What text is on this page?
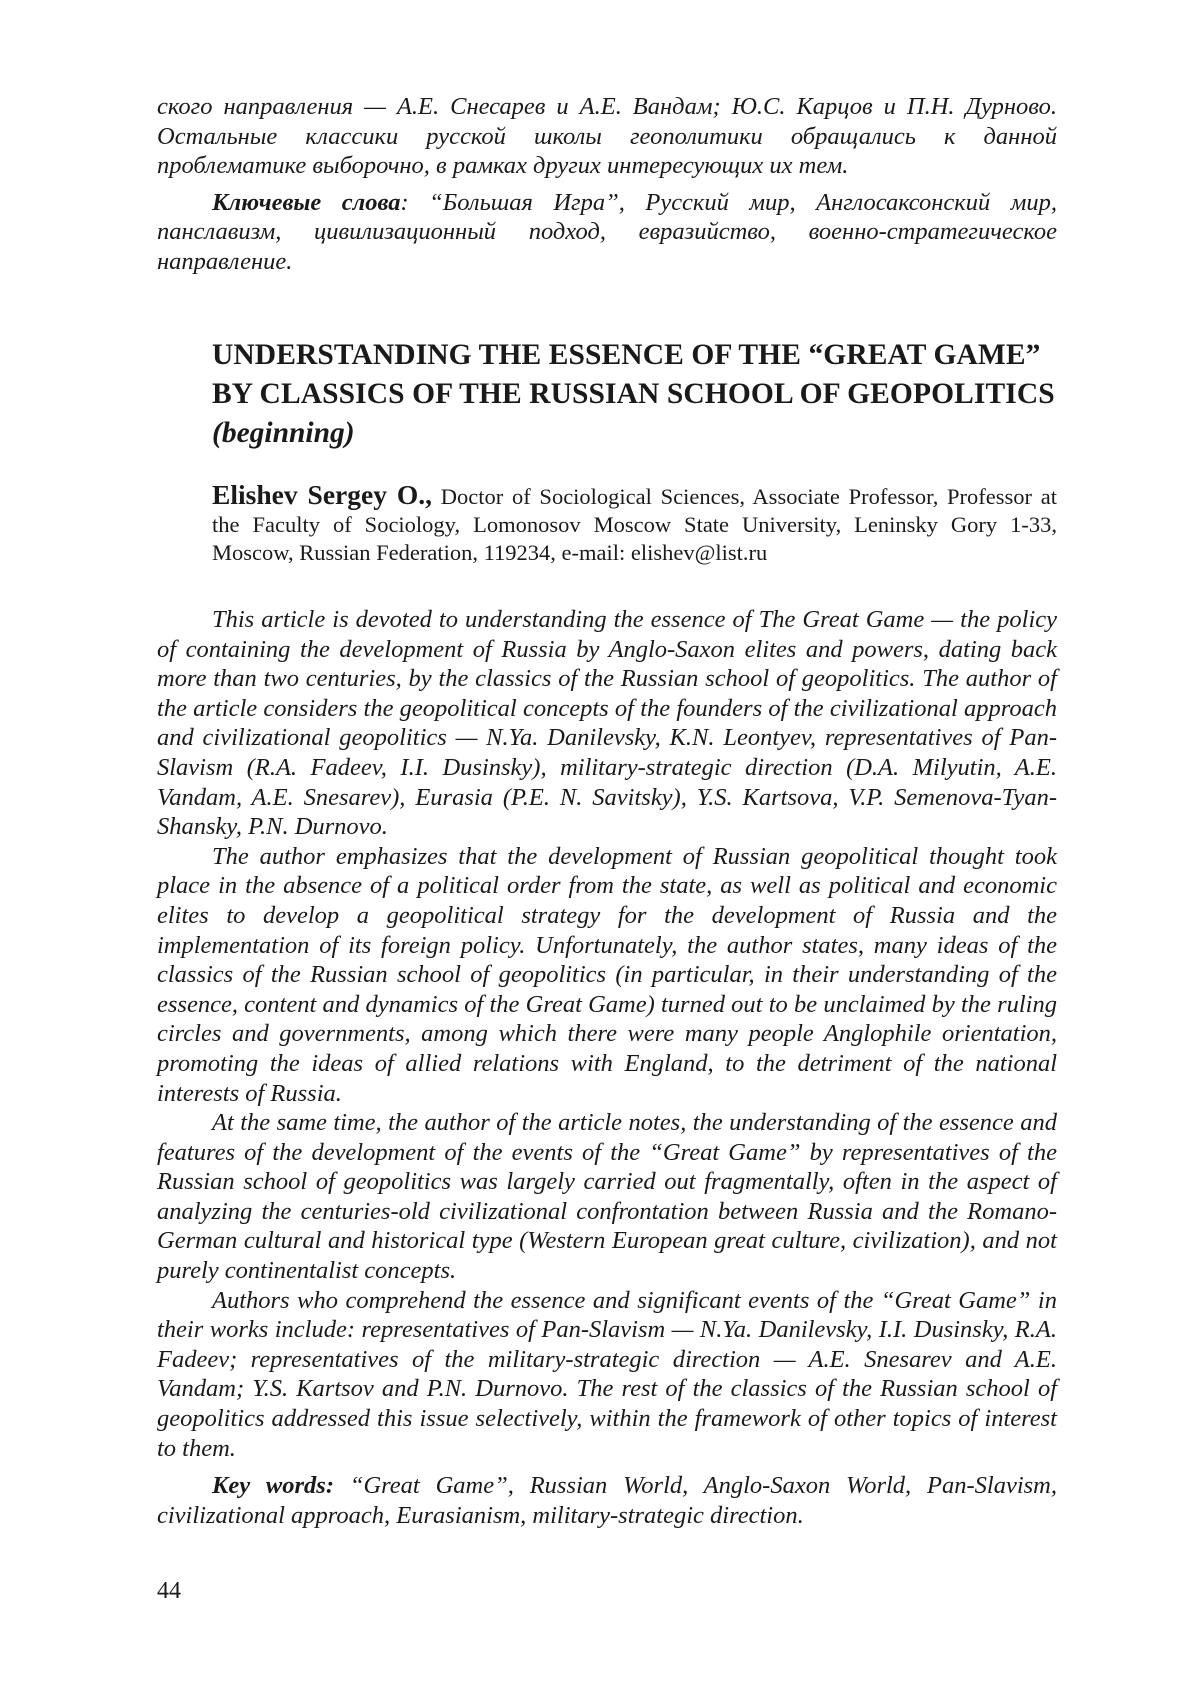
ского направления — А.Е. Снесарев и А.Е. Вандам; Ю.С. Карцов и П.Н. Дурново. Остальные классики русской школы геополитики обращались к данной проблематике выборочно, в рамках других интересующих их тем.

Ключевые слова: “Большая Игра”, Русский мир, Англосаксонский мир, панславизм, цивилизационный подход, евразийство, военно-стратегическое направление.

UNDERSTANDING THE ESSENCE OF THE “GREAT GAME”
BY CLASSICS OF THE RUSSIAN SCHOOL OF GEOPOLITICS
(beginning)

Elishev Sergey O., Doctor of Sociological Sciences, Associate Professor, Professor at the Faculty of Sociology, Lomonosov Moscow State University, Leninsky Gory 1-33, Moscow, Russian Federation, 119234, e-mail: elishev@list.ru

This article is devoted to understanding the essence of The Great Game — the policy of containing the development of Russia by Anglo-Saxon elites and powers, dating back more than two centuries, by the classics of the Russian school of geopolitics. The author of the article considers the geopolitical concepts of the founders of the civilizational approach and civilizational geopolitics — N.Ya. Danilevsky, K.N. Leontyev, representatives of Pan-Slavism (R.A. Fadeev, I.I. Dusinsky), military-strategic direction (D.A. Milyutin, A.E. Vandam, A.E. Snesarev), Eurasia (P.E. N. Savitsky), Y.S. Kartsova, V.P. Semenova-Tyan-Shansky, P.N. Durnovo.

The author emphasizes that the development of Russian geopolitical thought took place in the absence of a political order from the state, as well as political and economic elites to develop a geopolitical strategy for the development of Russia and the implementation of its foreign policy. Unfortunately, the author states, many ideas of the classics of the Russian school of geopolitics (in particular, in their understanding of the essence, content and dynamics of the Great Game) turned out to be unclaimed by the ruling circles and governments, among which there were many people Anglophile orientation, promoting the ideas of allied relations with England, to the detriment of the national interests of Russia.

At the same time, the author of the article notes, the understanding of the essence and features of the development of the events of the “Great Game” by representatives of the Russian school of geopolitics was largely carried out fragmentally, often in the aspect of analyzing the centuries-old civilizational confrontation between Russia and the Romano-German cultural and historical type (Western European great culture, civilization), and not purely continentalist concepts.

Authors who comprehend the essence and significant events of the “Great Game” in their works include: representatives of Pan-Slavism — N.Ya. Danilevsky, I.I. Dusinsky, R.A. Fadeev; representatives of the military-strategic direction — A.E. Snesarev and A.E. Vandam; Y.S. Kartsov and P.N. Durnovo. The rest of the classics of the Russian school of geopolitics addressed this issue selectively, within the framework of other topics of interest to them.

Key words: “Great Game”, Russian World, Anglo-Saxon World, Pan-Slavism, civilizational approach, Eurasianism, military-strategic direction.

44
